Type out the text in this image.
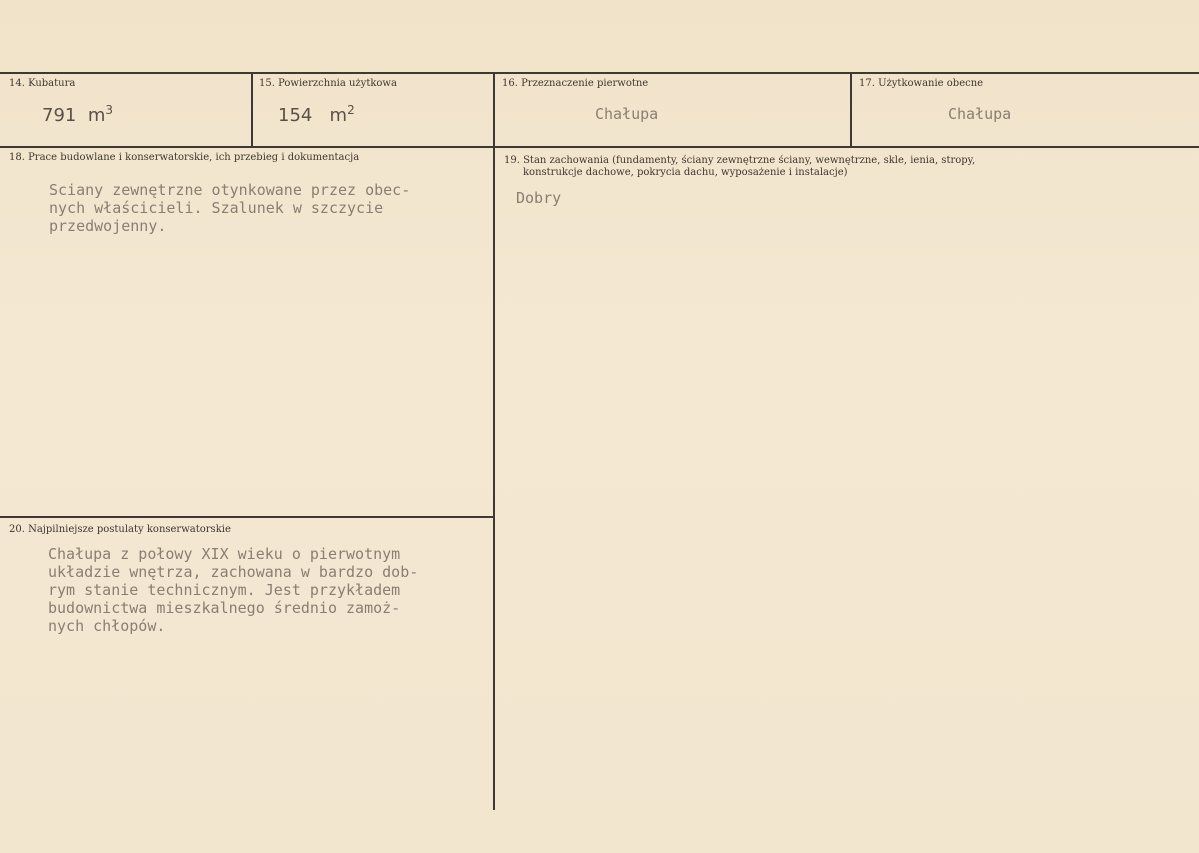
14. Kubatura
791 $m^3$
15. Powierzchnia użytkowa
154 $m^2$
16. Przeznaczenie pierwotne
Chałupa
17. Użytkowanie obecne
Chałupa
18. Prace budowlane i konserwatorskie, ich przebieg i dokumentacja
Sciany zewnętrzne otynkowane przez obec-
nych właścicieli. Szalunek w szczycie
przedwojenny.
19. Stan zachowania (fundamenty, ściany zewnętrzne ściany, wewnętrzne, skle, ienia, stropy,
konstrukcje dachowe, pokrycia dachu, wyposażenie i instalacje)
Dobry
20. Najpilniejsze postulaty konserwatorskie
Chałupa z połowy XIX wieku o pierwotnym
układzie wnętrza, zachowana w bardzo dob-
rym stanie technicznym. Jest przykładem
budownictwa mieszkalnego średnio zamoż-
nych chłopów.
